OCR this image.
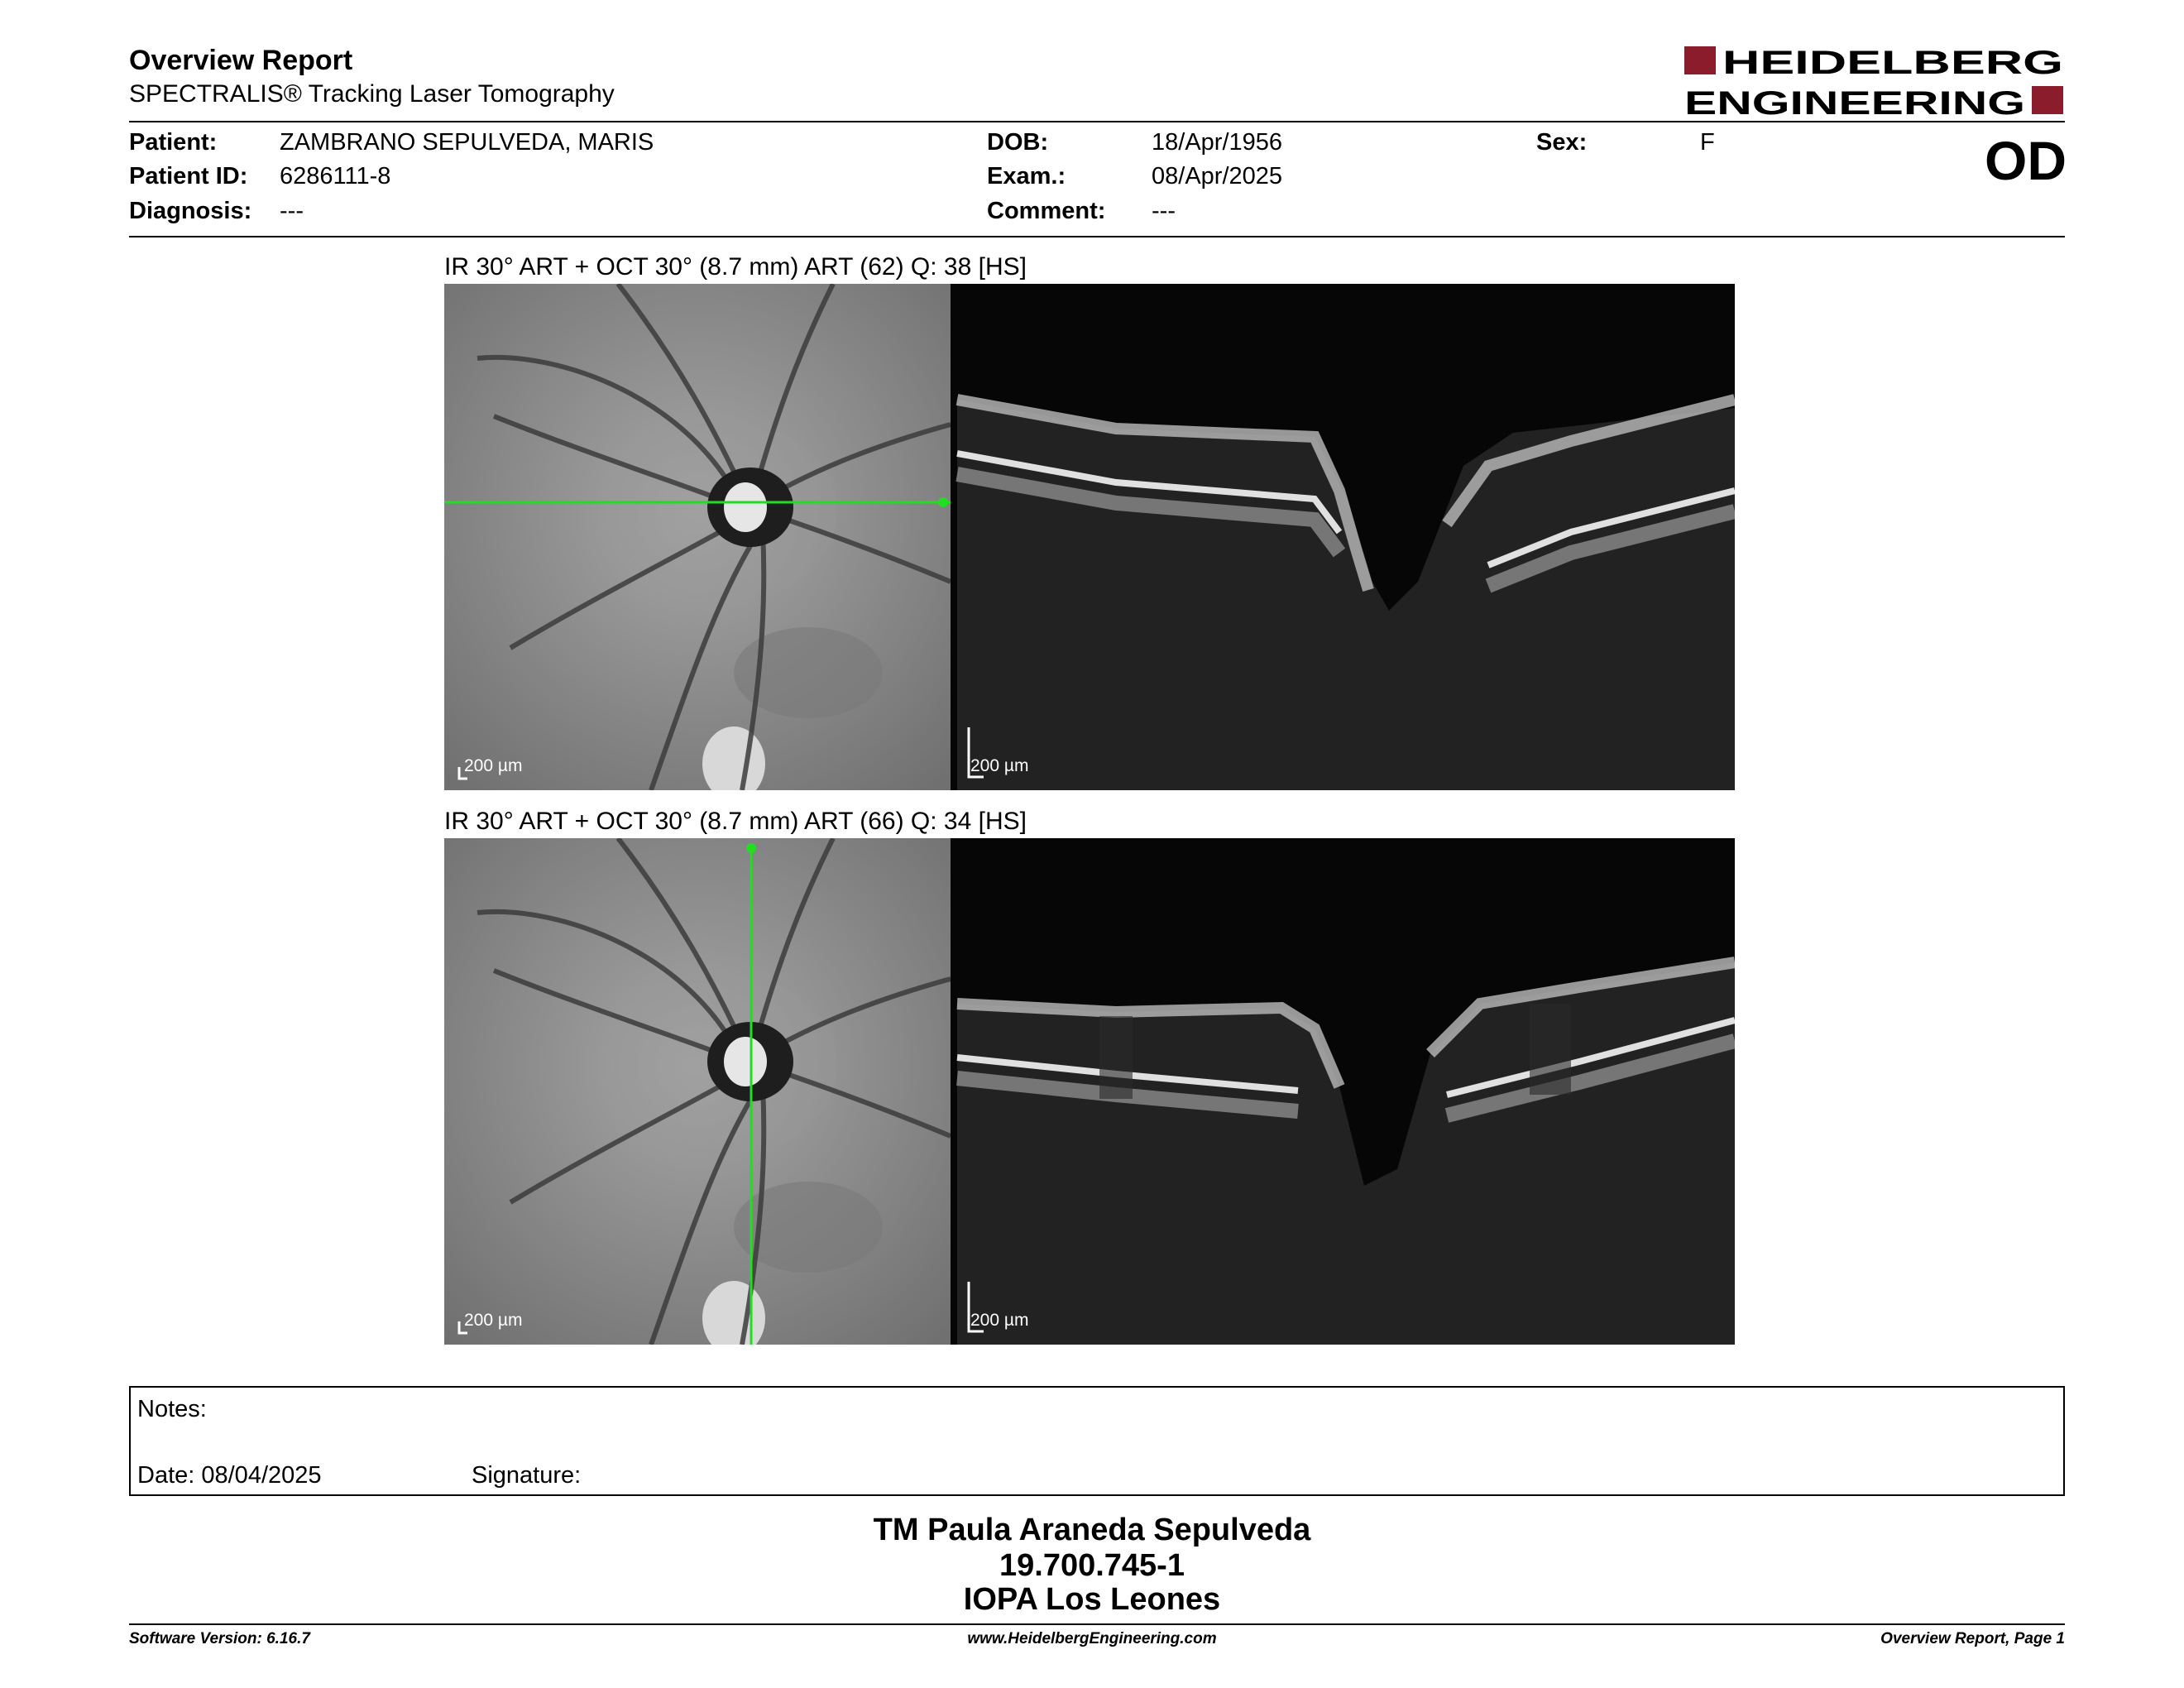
Overview Report
SPECTRALIS® Tracking Laser Tomography
HEIDELBERG
ENGINEERING
Patient:	ZAMBRANO SEPULVEDA, MARIS
Patient ID: 6286111-8
Diagnosis: ---
DOB:	18/Apr/1956
Exam.:	08/Apr/2025
Comment: ---
Sex:	F	OD
IR 30° ART + OCT 30° (8.7 mm) ART (62) Q: 38 [HS]
200 µm	200 µm
IR 30° ART + OCT 30° (8.7 mm) ART (66) Q: 34 [HS]
200 µm	200 µm
Notes:
Date: 08/04/2025	Signature:
TM Paula Araneda Sepulveda
19.700.745-1
IOPA Los Leones
Software Version: 6.16.7	www.HeidelbergEngineering.com	Overview Report, Page 1
